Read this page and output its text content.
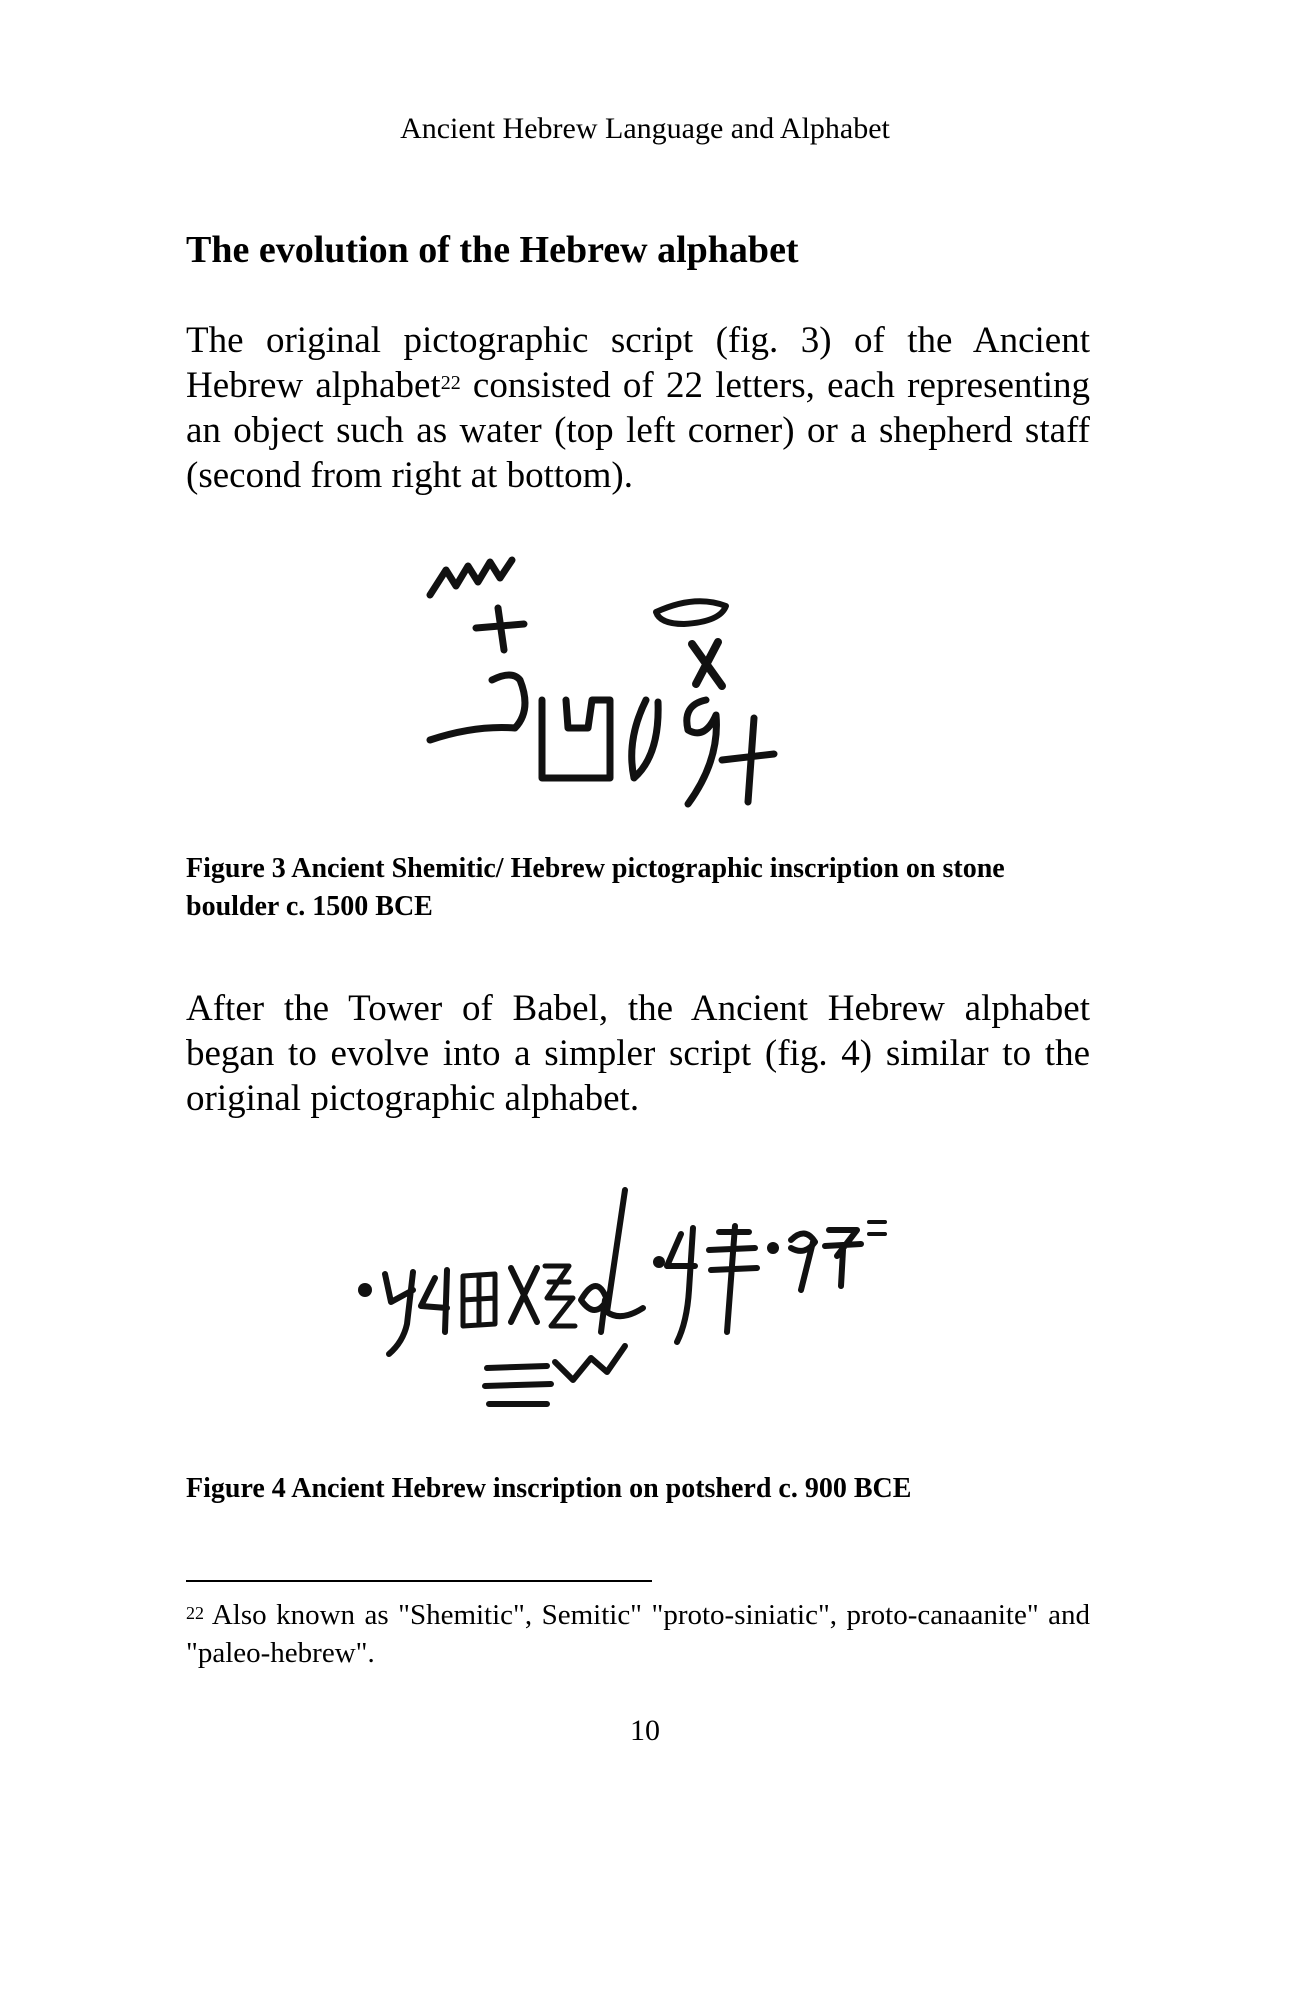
Ancient Hebrew Language and Alphabet
The evolution of the Hebrew alphabet

The original pictographic script (fig. 3) of the Ancient Hebrew alphabet$^{22}$ consisted of 22 letters, each representing an object such as water (top left corner) or a shepherd staff (second from right at bottom).

Figure 3 Ancient Shemitic/ Hebrew pictographic inscription on stone boulder c. 1500 BCE

After the Tower of Babel, the Ancient Hebrew alphabet began to evolve into a simpler script (fig. 4) similar to the original pictographic alphabet.

Figure 4 Ancient Hebrew inscription on potsherd c. 900 BCE

$^{22}$ Also known as "Shemitic", Semitic" "proto-siniatic", proto-canaanite" and "paleo-hebrew".

10
